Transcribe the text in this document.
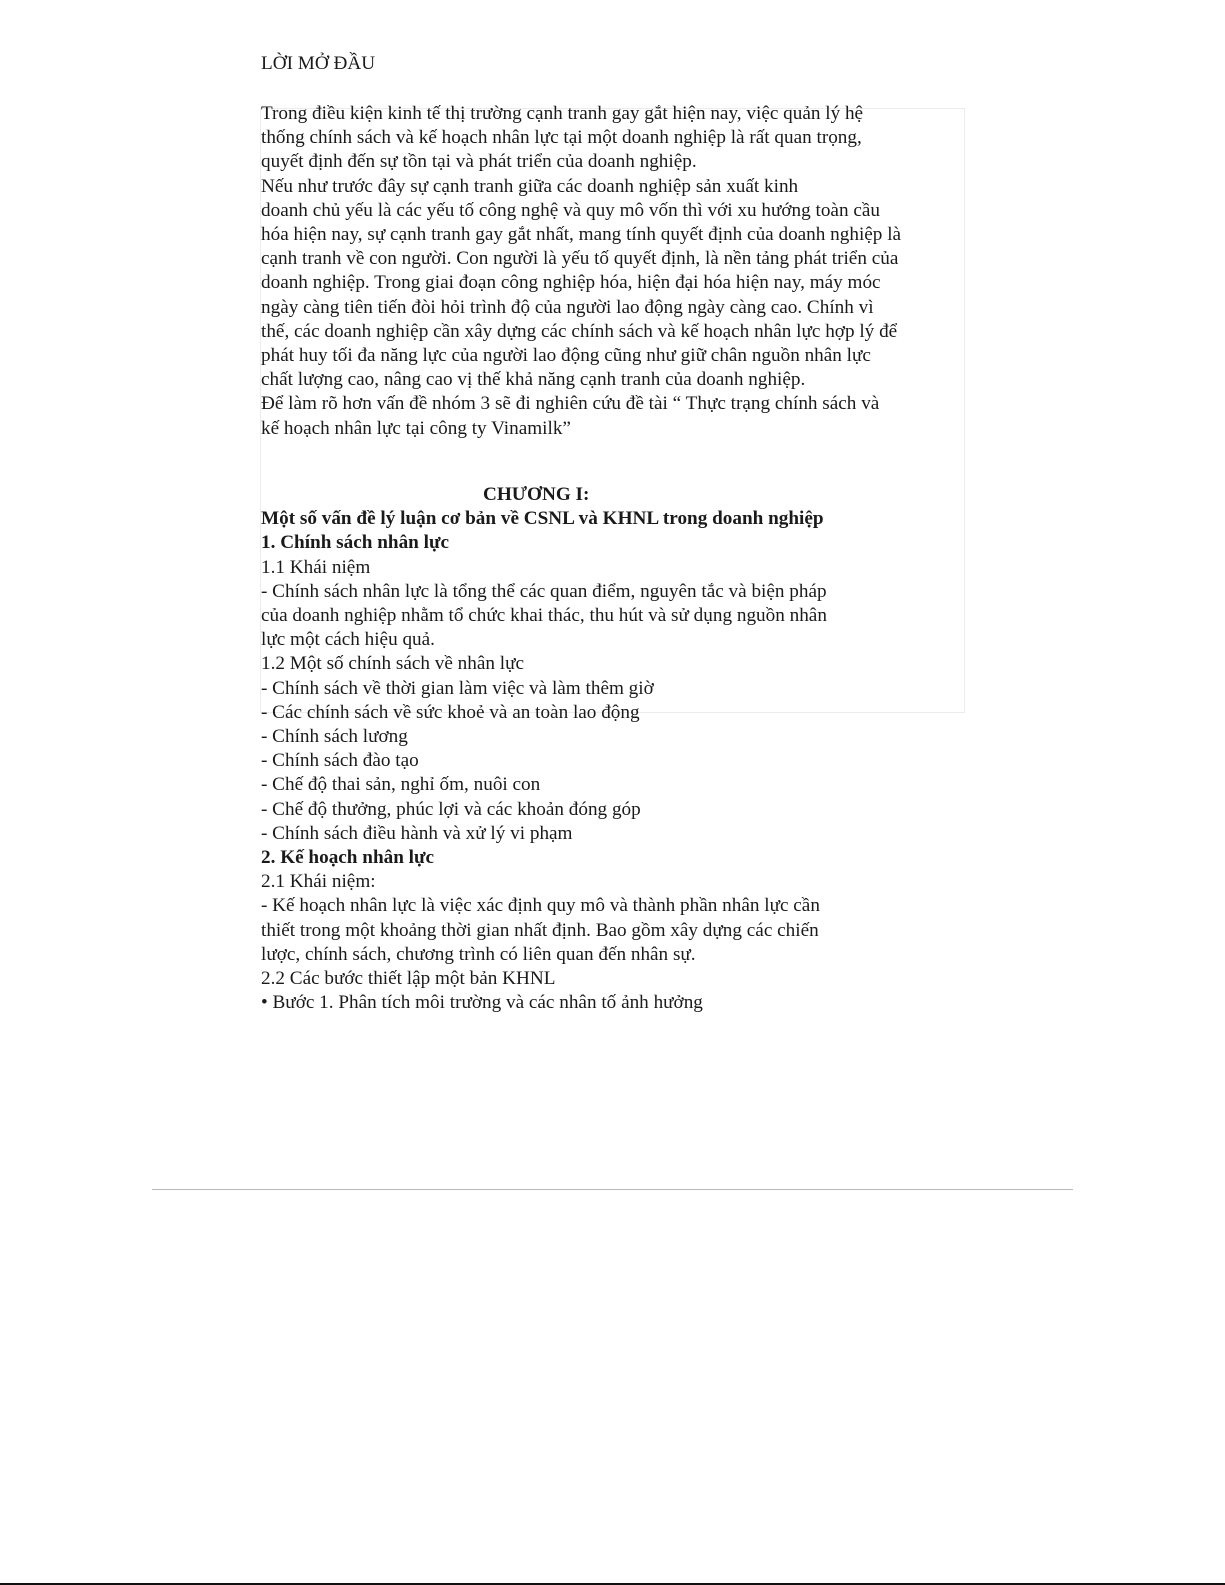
LỜI MỞ ĐẦU
Trong điều kiện kinh tế thị trường cạnh tranh gay gắt hiện nay, việc quản lý hệ
thống chính sách và kế hoạch nhân lực tại một doanh nghiệp là rất quan trọng,
quyết định đến sự tồn tại và phát triển của doanh nghiệp.
Nếu như trước đây sự cạnh tranh giữa các doanh nghiệp sản xuất kinh
doanh chủ yếu là các yếu tố công nghệ và quy mô vốn thì với xu hướng toàn cầu
hóa hiện nay, sự cạnh tranh gay gắt nhất, mang tính quyết định của doanh nghiệp là
cạnh tranh về con người. Con người là yếu tố quyết định, là nền tảng phát triển của
doanh nghiệp. Trong giai đoạn công nghiệp hóa, hiện đại hóa hiện nay, máy móc
ngày càng tiên tiến đòi hỏi trình độ của người lao động ngày càng cao. Chính vì
thế, các doanh nghiệp cần xây dựng các chính sách và kế hoạch nhân lực hợp lý để
phát huy tối đa năng lực của người lao động cũng như giữ chân nguồn nhân lực
chất lượng cao, nâng cao vị thế khả năng cạnh tranh của doanh nghiệp.
Để làm rõ hơn vấn đề nhóm 3 sẽ đi nghiên cứu đề tài “ Thực trạng chính sách và
kế hoạch nhân lực tại công ty Vinamilk”
CHƯƠNG I:
Một số vấn đề lý luận cơ bản về CSNL và KHNL trong doanh nghiệp
1. Chính sách nhân lực
1.1 Khái niệm
- Chính sách nhân lực là tổng thể các quan điểm, nguyên tắc và biện pháp
của doanh nghiệp nhằm tổ chức khai thác, thu hút và sử dụng nguồn nhân
lực một cách hiệu quả.
1.2 Một số chính sách về nhân lực
- Chính sách về thời gian làm việc và làm thêm giờ
- Các chính sách về sức khoẻ và an toàn lao động
- Chính sách lương
- Chính sách đào tạo
- Chế độ thai sản, nghỉ ốm, nuôi con
- Chế độ thưởng, phúc lợi và các khoản đóng góp
- Chính sách điều hành và xử lý vi phạm
2. Kế hoạch nhân lực
2.1 Khái niệm:
- Kế hoạch nhân lực là việc xác định quy mô và thành phần nhân lực cần
thiết trong một khoảng thời gian nhất định. Bao gồm xây dựng các chiến
lược, chính sách, chương trình có liên quan đến nhân sự.
2.2 Các bước thiết lập một bản KHNL
• Bước 1. Phân tích môi trường và các nhân tố ảnh hưởng
